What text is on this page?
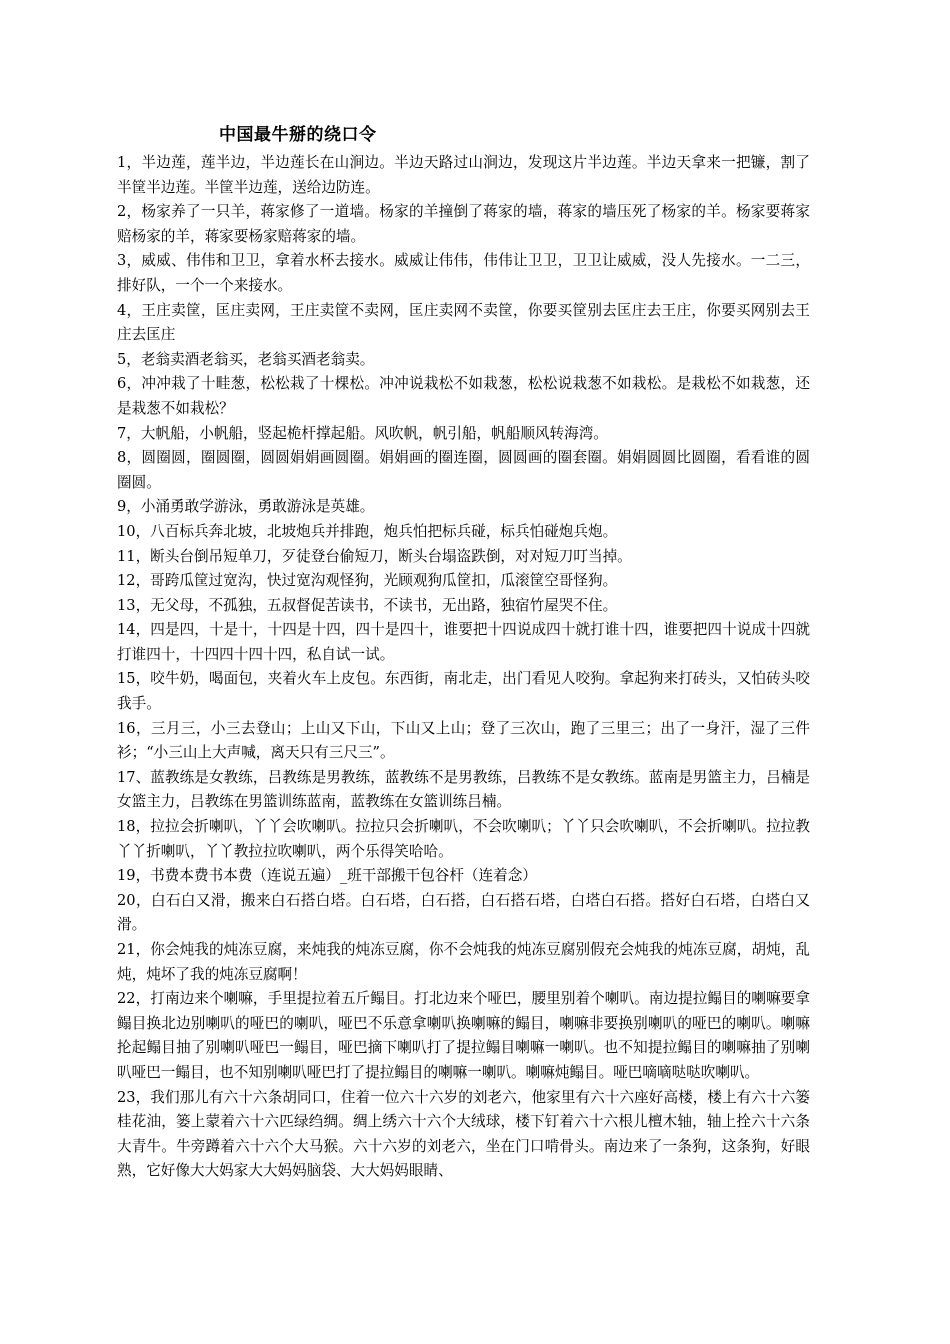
中国最牛掰的绕口令

1，半边莲，莲半边，半边莲长在山涧边。半边天路过山涧边，发现这片半边莲。半边天拿来一把镰，割了半筐半边莲。半筐半边莲，送给边防连。

2，杨家养了一只羊，蒋家修了一道墙。杨家的羊撞倒了蒋家的墙，蒋家的墙压死了杨家的羊。杨家要蒋家赔杨家的羊，蒋家要杨家赔蒋家的墙。

3，威威、伟伟和卫卫，拿着水杯去接水。威威让伟伟，伟伟让卫卫，卫卫让威威，没人先接水。一二三，排好队，一个一个来接水。

4，王庄卖筐，匡庄卖网，王庄卖筐不卖网，匡庄卖网不卖筐，你要买筐别去匡庄去王庄，你要买网别去王庄去匡庄

5，老翁卖酒老翁买，老翁买酒老翁卖。

6，冲冲栽了十畦葱，松松栽了十棵松。冲冲说栽松不如栽葱，松松说栽葱不如栽松。是栽松不如栽葱，还是栽葱不如栽松？

7，大帆船，小帆船，竖起桅杆撑起船。风吹帆，帆引船，帆船顺风转海湾。

8，圆圈圆，圈圆圈，圆圆娟娟画圆圈。娟娟画的圈连圈，圆圆画的圈套圈。娟娟圆圆比圆圈，看看谁的圆圈圆。

9，小涌勇敢学游泳，勇敢游泳是英雄。

10，八百标兵奔北坡，北坡炮兵并排跑，炮兵怕把标兵碰，标兵怕碰炮兵炮。

11，断头台倒吊短单刀，歹徒登台偷短刀，断头台塌盗跌倒，对对短刀叮当掉。

12，哥跨瓜筐过宽沟，快过宽沟观怪狗，光顾观狗瓜筐扣，瓜滚筐空哥怪狗。

13，无父母，不孤独，五叔督促苦读书，不读书，无出路，独宿竹屋哭不住。

14，四是四，十是十，十四是十四，四十是四十，谁要把十四说成四十就打谁十四，谁要把四十说成十四就打谁四十，十四四十四十四，私自试一试。

15，咬牛奶，喝面包，夹着火车上皮包。东西街，南北走，出门看见人咬狗。拿起狗来打砖头，又怕砖头咬我手。

16，三月三，小三去登山；上山又下山，下山又上山；登了三次山，跑了三里三；出了一身汗，湿了三件衫；“小三山上大声喊，离天只有三尺三”。

17、蓝教练是女教练，吕教练是男教练，蓝教练不是男教练，吕教练不是女教练。蓝南是男篮主力，吕楠是女篮主力，吕教练在男篮训练蓝南，蓝教练在女篮训练吕楠。

18，拉拉会折喇叭，丫丫会吹喇叭。拉拉只会折喇叭，不会吹喇叭；丫丫只会吹喇叭，不会折喇叭。拉拉教丫丫折喇叭，丫丫教拉拉吹喇叭，两个乐得笑哈哈。

19，书费本费书本费（连说五遍）_班干部搬干包谷杆（连着念）

20，白石白又滑，搬来白石搭白塔。白石塔，白石搭，白石搭石塔，白塔白石搭。搭好白石塔，白塔白又滑。

21，你会炖我的炖冻豆腐，来炖我的炖冻豆腐，你不会炖我的炖冻豆腐别假充会炖我的炖冻豆腐，胡炖，乱炖，炖坏了我的炖冻豆腐啊！

22，打南边来个喇嘛，手里提拉着五斤鳎目。打北边来个哑巴，腰里别着个喇叭。南边提拉鳎目的喇嘛要拿鳎目换北边别喇叭的哑巴的喇叭，哑巴不乐意拿喇叭换喇嘛的鳎目，喇嘛非要换别喇叭的哑巴的喇叭。喇嘛抡起鳎目抽了别喇叭哑巴一鳎目，哑巴摘下喇叭打了提拉鳎目喇嘛一喇叭。也不知提拉鳎目的喇嘛抽了别喇叭哑巴一鳎目，也不知别喇叭哑巴打了提拉鳎目的喇嘛一喇叭。喇嘛炖鳎目。哑巴嘀嘀哒哒吹喇叭。

23，我们那儿有六十六条胡同口，住着一位六十六岁的刘老六，他家里有六十六座好高楼，楼上有六十六篓桂花油，篓上蒙着六十六匹绿绉绸。绸上绣六十六个大绒球，楼下钉着六十六根儿檀木轴，轴上拴六十六条大青牛。牛旁蹲着六十六个大马猴。六十六岁的刘老六，坐在门口啃骨头。南边来了一条狗，这条狗，好眼熟，它好像大大妈家大大妈妈脑袋、大大妈妈眼睛、
